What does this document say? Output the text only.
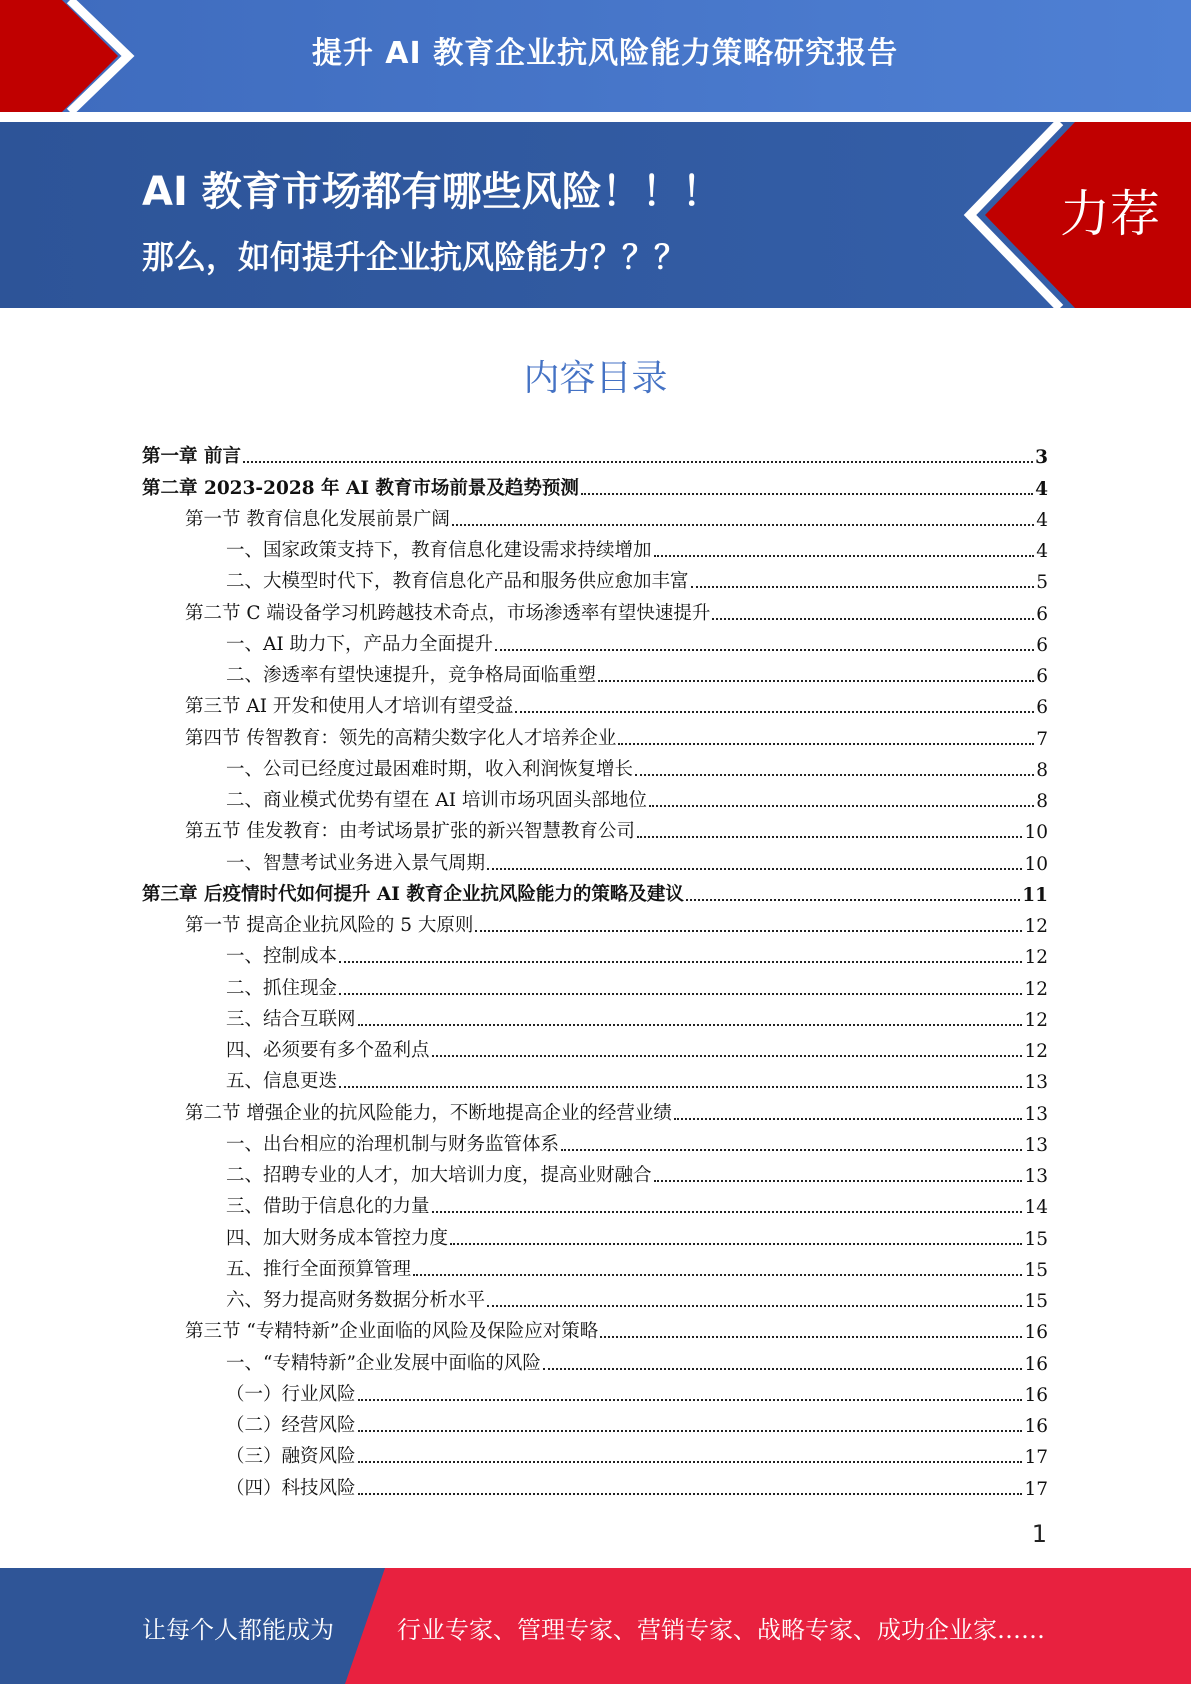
提升 AI 教育企业抗风险能力策略研究报告
AI 教育市场都有哪些风险！！！
那么，如何提升企业抗风险能力？？？
力荐
内容目录
第一章 前言	3
第二章 2023-2028 年 AI 教育市场前景及趋势预测	4
第一节 教育信息化发展前景广阔	4
一、国家政策支持下，教育信息化建设需求持续增加	4
二、大模型时代下，教育信息化产品和服务供应愈加丰富	5
第二节 C 端设备学习机跨越技术奇点，市场渗透率有望快速提升	6
一、AI 助力下，产品力全面提升	6
二、渗透率有望快速提升，竞争格局面临重塑	6
第三节 AI 开发和使用人才培训有望受益	6
第四节 传智教育：领先的高精尖数字化人才培养企业	7
一、公司已经度过最困难时期，收入利润恢复增长	8
二、商业模式优势有望在 AI 培训市场巩固头部地位	8
第五节 佳发教育：由考试场景扩张的新兴智慧教育公司	10
一、智慧考试业务进入景气周期	10
第三章 后疫情时代如何提升 AI 教育企业抗风险能力的策略及建议	11
第一节 提高企业抗风险的 5 大原则	12
一、控制成本	12
二、抓住现金	12
三、结合互联网	12
四、必须要有多个盈利点	12
五、信息更迭	13
第二节 增强企业的抗风险能力，不断地提高企业的经营业绩	13
一、出台相应的治理机制与财务监管体系	13
二、招聘专业的人才，加大培训力度，提高业财融合	13
三、借助于信息化的力量	14
四、加大财务成本管控力度	15
五、推行全面预算管理	15
六、努力提高财务数据分析水平	15
第三节 “专精特新”企业面临的风险及保险应对策略	16
一、“专精特新”企业发展中面临的风险	16
（一）行业风险	16
（二）经营风险	16
（三）融资风险	17
（四）科技风险	17
1
让每个人都能成为	行业专家、管理专家、营销专家、战略专家、成功企业家……
